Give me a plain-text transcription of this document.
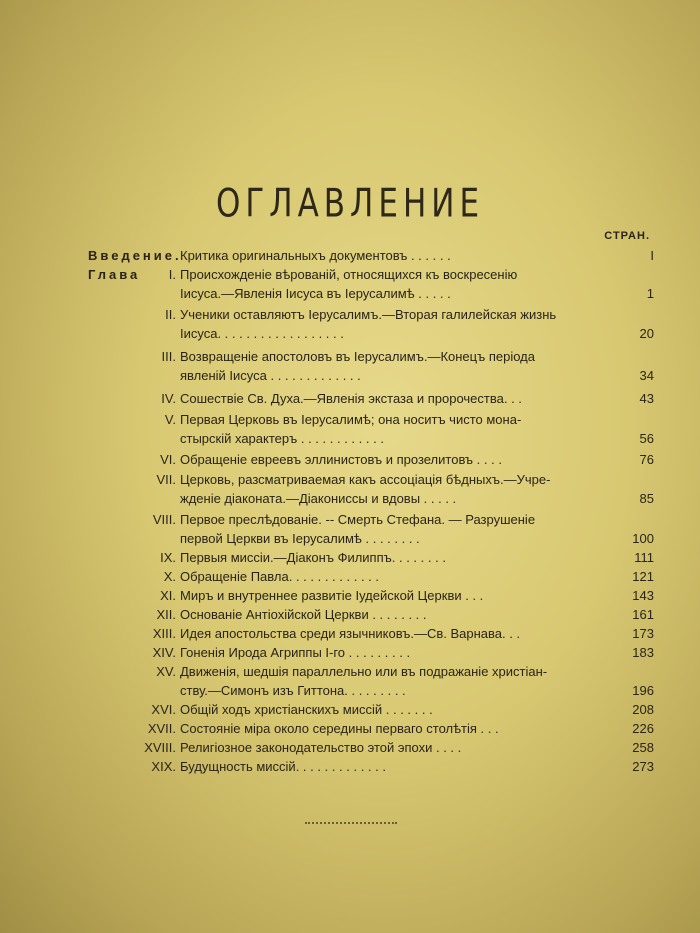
ОГЛАВЛЕНИЕ
СТРАН.
Введение.
Критика оригинальныхъ документовъ . . . . . .	I
Глава I. Происхожденіе вѣрованій, относящихся къ воскресенію
Іисуса.—Явленія Іисуса въ Іерусалимѣ . . . . .	1
II. Ученики оставляютъ Іерусалимъ.—Вторая галилейская жизнь
Іисуса. . . . . . . . . . . . . . . . . .	20
III. Возвращеніе апостоловъ въ Іерусалимъ.—Конецъ періода
явленій Іисуса . . . . . . . . . . . . .	34
IV. Сошествіе Св. Духа.—Явленія экстаза и пророчества. . .	43
V. Первая Церковь въ Іерусалимѣ; она носитъ чисто мона-
стырскій характеръ . . . . . . . . . . . .	56
VI. Обращеніе евреевъ эллинистовъ и прозелитовъ . . . .	76
VII. Церковь, разсматриваемая какъ ассоціація бѣдныхъ.—Учре-
жденіе діаконата.—Діакониссы и вдовы . . . . .	85
VIII. Первое преслѣдованіе. -- Смерть Стефана. — Разрушеніе
первой Церкви въ Іерусалимѣ . . . . . . . .	100
IX. Первыя миссіи.—Діаконъ Филиппъ. . . . . . . .	111
X. Обращеніе Павла. . . . . . . . . . . . .	121
XI. Миръ и внутреннее развитіе Іудейской Церкви . . .	143
XII. Основаніе Антіохійской Церкви . . . . . . . .	161
XIII. Идея апостольства среди язычниковъ.—Св. Варнава. . .	173
XIV. Гоненія Ирода Агриппы І-го . . . . . . . . .	183
XV. Движенія, шедшія параллельно или въ подражаніе христіан-
ству.—Симонъ изъ Гиттона. . . . . . . . .	196
XVI. Общій ходъ христіанскихъ миссій . . . . . . .	208
XVII. Состояніе міра около середины перваго столѣтія . . .	226
XVIII. Религіозное законодательство этой эпохи . . . .	258
XIX. Будущность миссій. . . . . . . . . . . . .	273
